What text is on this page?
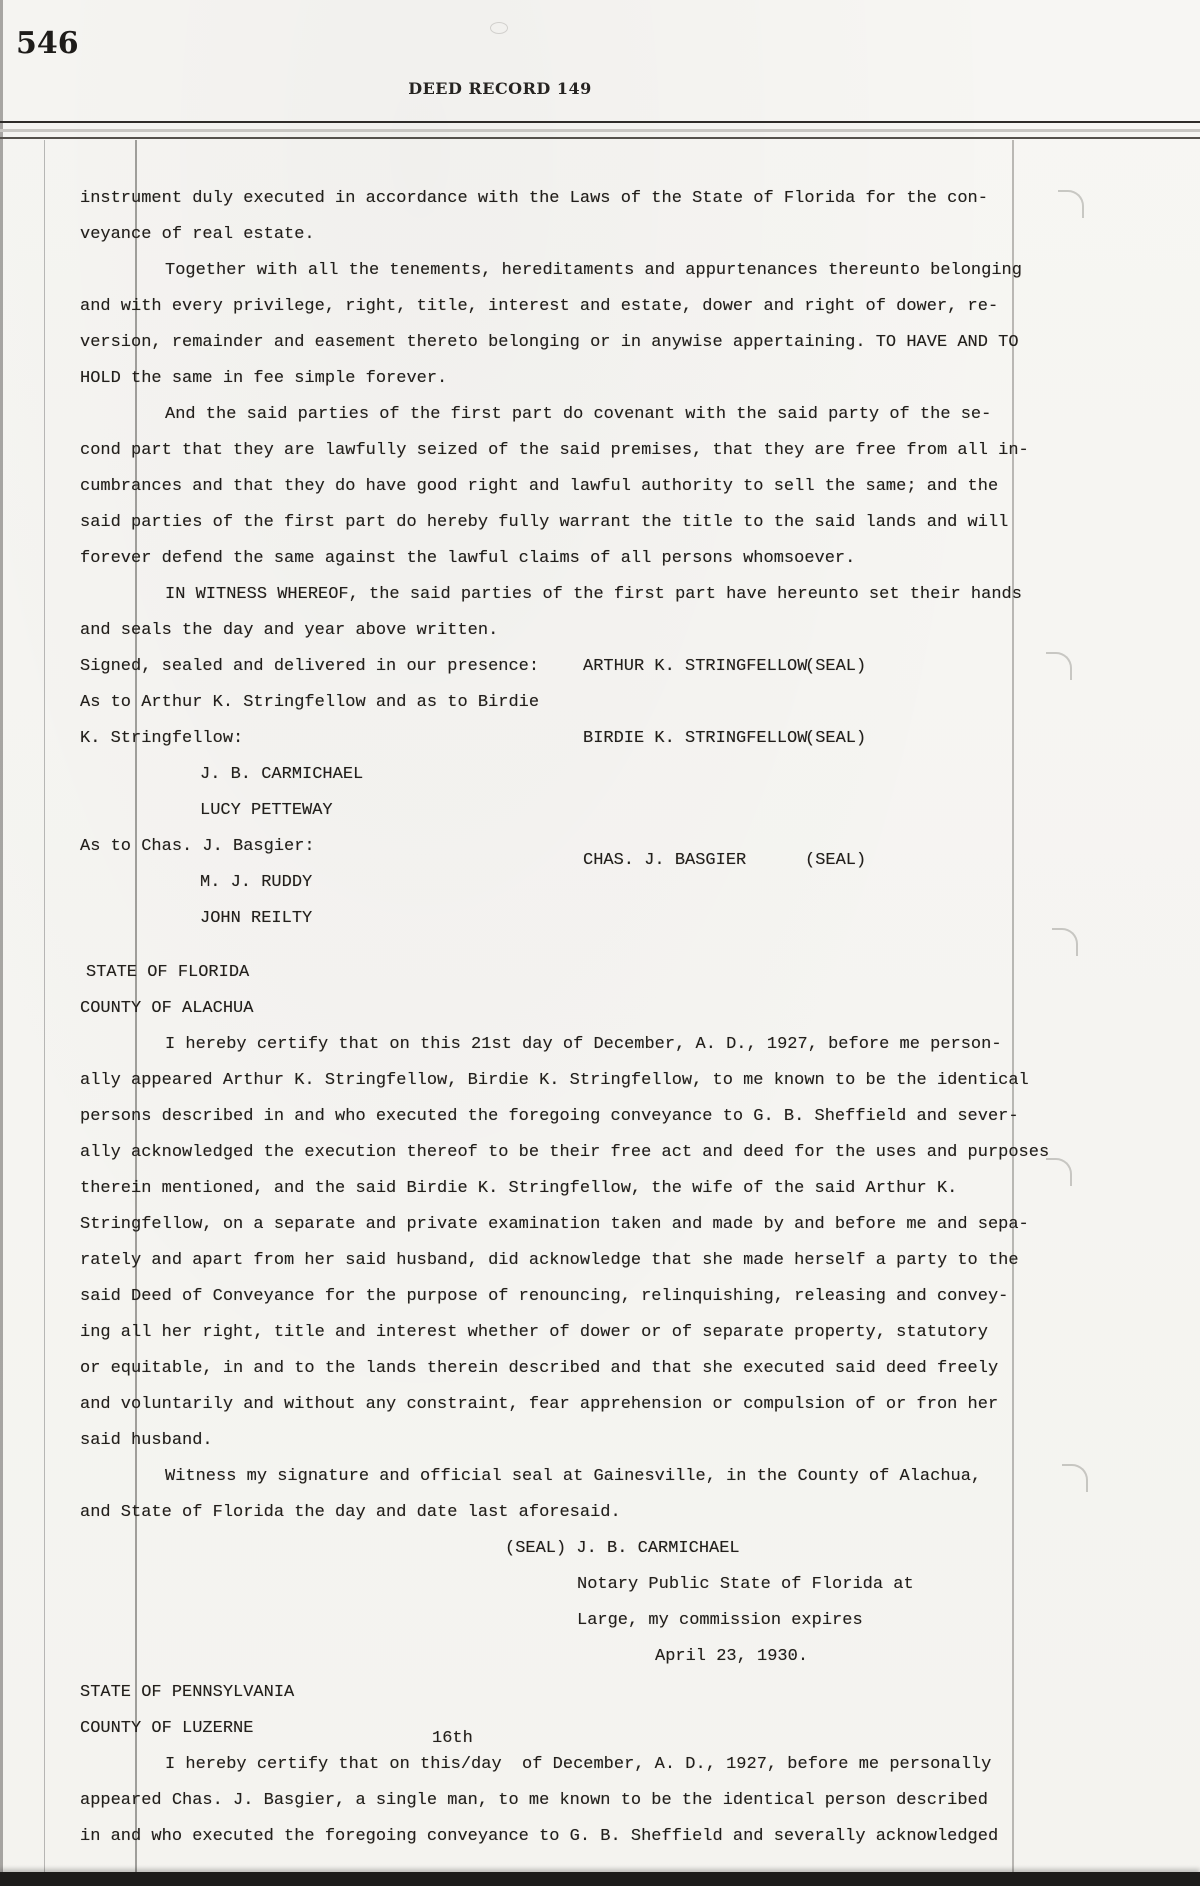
546
DEED RECORD 149
instrument duly executed in accordance with the Laws of the State of Florida for the con-
veyance of real estate.
Together with all the tenements, hereditaments and appurtenances thereunto belonging
and with every privilege, right, title, interest and estate, dower and right of dower, re-
version, remainder and easement thereto belonging or in anywise appertaining. TO HAVE AND TO
HOLD the same in fee simple forever.
And the said parties of the first part do covenant with the said party of the se-
cond part that they are lawfully seized of the said premises, that they are free from all in-
cumbrances and that they do have good right and lawful authority to sell the same; and the
said parties of the first part do hereby fully warrant the title to the said lands and will
forever defend the same against the lawful claims of all persons whomsoever.
IN WITNESS WHEREOF, the said parties of the first part have hereunto set their hands
and seals the day and year above written.
Signed, sealed and delivered in our presence:	ARTHUR K. STRINGFELLOW
(SEAL)
As to Arthur K. Stringfellow and as to Birdie
K. Stringfellow:	BIRDIE K. STRINGFELLOW
(SEAL)
J. B. CARMICHAEL
LUCY PETTEWAY
As to Chas. J. Basgier:
CHAS. J. BASGIER	(SEAL)
M. J. RUDDY
JOHN REILTY
STATE OF FLORIDA
COUNTY OF ALACHUA
I hereby certify that on this 21st day of December, A. D., 1927, before me person-
ally appeared Arthur K. Stringfellow, Birdie K. Stringfellow, to me known to be the identical
persons described in and who executed the foregoing conveyance to G. B. Sheffield and sever-
ally acknowledged the execution thereof to be their free act and deed for the uses and purposes
therein mentioned, and the said Birdie K. Stringfellow, the wife of the said Arthur K.
Stringfellow, on a separate and private examination taken and made by and before me and sepa-
rately and apart from her said husband, did acknowledge that she made herself a party to the
said Deed of Conveyance for the purpose of renouncing, relinquishing, releasing and convey-
ing all her right, title and interest whether of dower or of separate property, statutory
or equitable, in and to the lands therein described and that she executed said deed freely
and voluntarily and without any constraint, fear apprehension or compulsion of or fron her
said husband.
Witness my signature and official seal at Gainesville, in the County of Alachua,
and State of Florida the day and date last aforesaid.
(SEAL) J. B. CARMICHAEL
Notary Public State of Florida at
Large, my commission expires
April 23, 1930.
STATE OF PENNSYLVANIA
COUNTY OF LUZERNE
I hereby certify that on this/day  of December, A. D., 1927, before me personally
16th
appeared Chas. J. Basgier, a single man, to me known to be the identical person described
in and who executed the foregoing conveyance to G. B. Sheffield and severally acknowledged
